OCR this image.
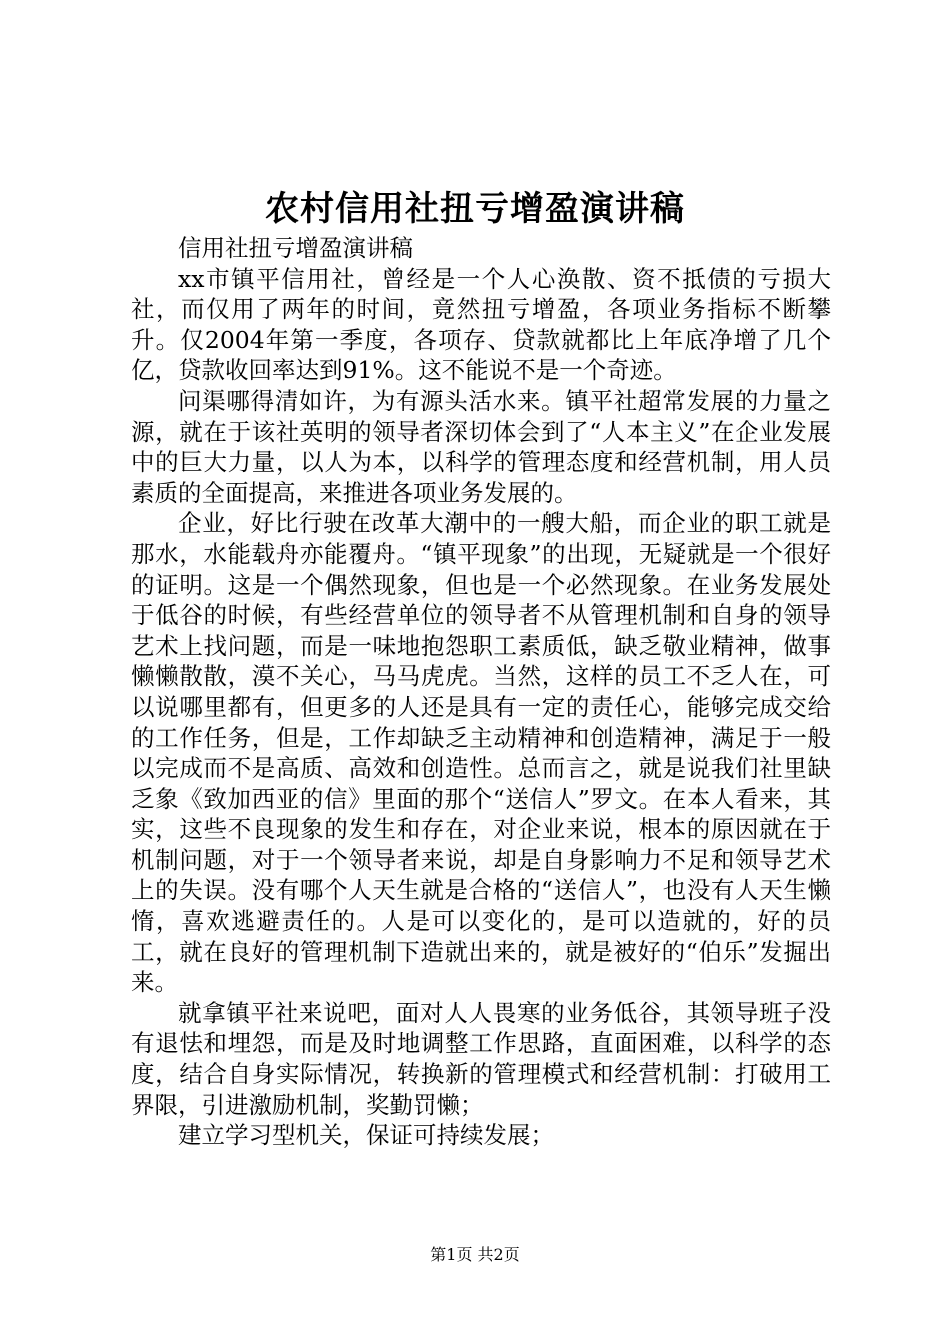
农村信用社扭亏增盈演讲稿

信用社扭亏增盈演讲稿

xx市镇平信用社，曾经是一个人心涣散、资不抵债的亏损大社，而仅用了两年的时间，竟然扭亏增盈，各项业务指标不断攀升。仅2004年第一季度，各项存、贷款就都比上年底净增了几个亿，贷款收回率达到91%。这不能说不是一个奇迹。

问渠哪得清如许，为有源头活水来。镇平社超常发展的力量之源，就在于该社英明的领导者深切体会到了“人本主义”在企业发展中的巨大力量，以人为本，以科学的管理态度和经营机制，用人员素质的全面提高，来推进各项业务发展的。

企业，好比行驶在改革大潮中的一艘大船，而企业的职工就是那水，水能载舟亦能覆舟。“镇平现象”的出现，无疑就是一个很好的证明。这是一个偶然现象，但也是一个必然现象。在业务发展处于低谷的时候，有些经营单位的领导者不从管理机制和自身的领导艺术上找问题，而是一味地抱怨职工素质低，缺乏敬业精神，做事懒懒散散，漠不关心，马马虎虎。当然，这样的员工不乏人在，可以说哪里都有，但更多的人还是具有一定的责任心，能够完成交给的工作任务，但是，工作却缺乏主动精神和创造精神，满足于一般以完成而不是高质、高效和创造性。总而言之，就是说我们社里缺乏象《致加西亚的信》里面的那个“送信人”罗文。在本人看来，其实，这些不良现象的发生和存在，对企业来说，根本的原因就在于机制问题，对于一个领导者来说，却是自身影响力不足和领导艺术上的失误。没有哪个人天生就是合格的“送信人”，也没有人天生懒惰，喜欢逃避责任的。人是可以变化的，是可以造就的，好的员工，就在良好的管理机制下造就出来的，就是被好的“伯乐”发掘出来。

就拿镇平社来说吧，面对人人畏寒的业务低谷，其领导班子没有退怯和埋怨，而是及时地调整工作思路，直面困难，以科学的态度，结合自身实际情况，转换新的管理模式和经营机制：打破用工界限，引进激励机制，奖勤罚懒；

建立学习型机关，保证可持续发展；

第1页 共2页
